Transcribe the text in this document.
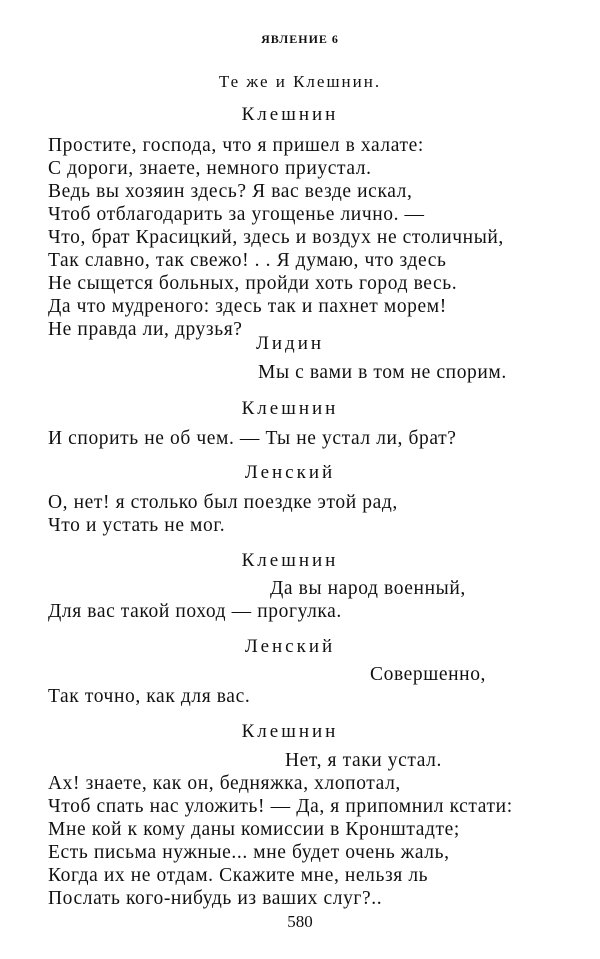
ЯВЛЕНИЕ 6
Те же и Клешнин.
Клешнин
Простите, господа, что я пришел в халате:
С дороги, знаете, немного приустал.
Ведь вы хозяин здесь? Я вас везде искал,
Чтоб отблагодарить за угощенье лично. —
Что, брат Красицкий, здесь и воздух не столичный,
Так славно, так свежо! . . Я думаю, что здесь
Не сыщется больных, пройди хоть город весь.
Да что мудреного: здесь так и пахнет морем!
Не правда ли, друзья?
Лидин
Мы с вами в том не спорим.
Клешнин
И спорить не об чем. — Ты не устал ли, брат?
Ленский
О, нет! я столько был поездке этой рад,
Что и устать не мог.
Клешнин
Да вы народ военный,
Для вас такой поход — прогулка.
Ленский
Совершенно,
Так точно, как для вас.
Клешнин
Нет, я таки устал.
Ах! знаете, как он, бедняжка, хлопотал,
Чтоб спать нас уложить! — Да, я припомнил кстати:
Мне кой к кому даны комиссии в Кронштадте;
Есть письма нужные... мне будет очень жаль,
Когда их не отдам. Скажите мне, нельзя ль
Послать кого-нибудь из ваших слуг?..
580
